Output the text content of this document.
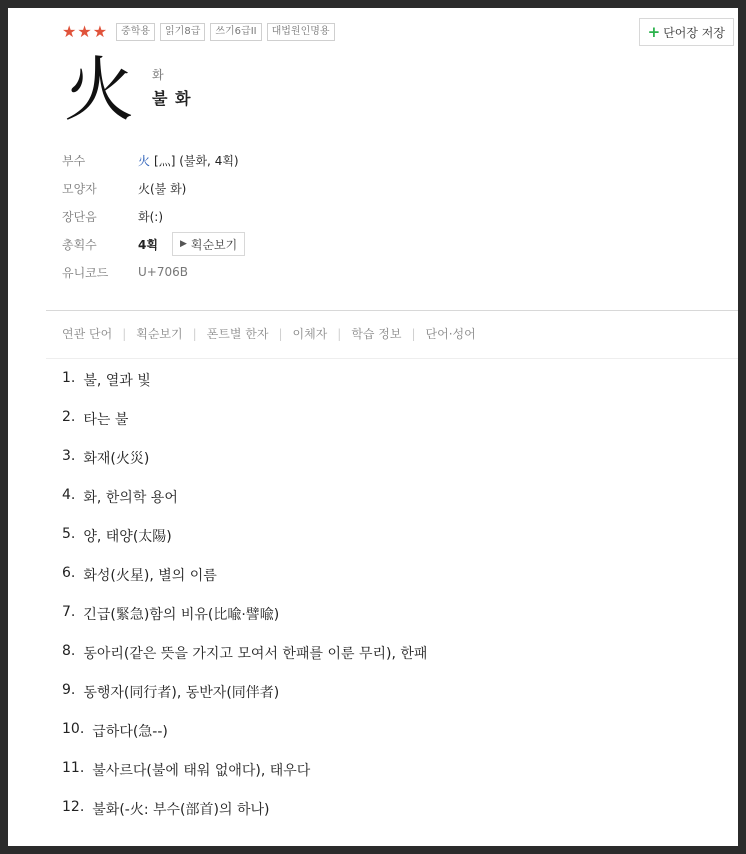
★★★	중학용	읽기8급	쓰기6급II	대법원인명용	+ 단어장 저장
火 화
불 화
부수	火 [灬] (불화, 4획)
모양자	火(불 화)
장단음	화(:)
총획수	4획 ▶ 획순보기
유니코드	U+706B
연관 단어 | 획순보기 | 폰트별 한자 | 이체자 | 학습 정보 | 단어·성어
1. 불, 열과 빛
2. 타는 불
3. 화재(火災)
4. 화, 한의학 용어
5. 양, 태양(太陽)
6. 화성(火星), 별의 이름
7. 긴급(緊急)함의 비유(比喩·譬喩)
8. 동아리(같은 뜻을 가지고 모여서 한패를 이룬 무리), 한패
9. 동행자(同行者), 동반자(同伴者)
10. 급하다(急--)
11. 불사르다(불에 태워 없애다), 태우다
12. 불화(-火: 부수(部首)의 하나)
